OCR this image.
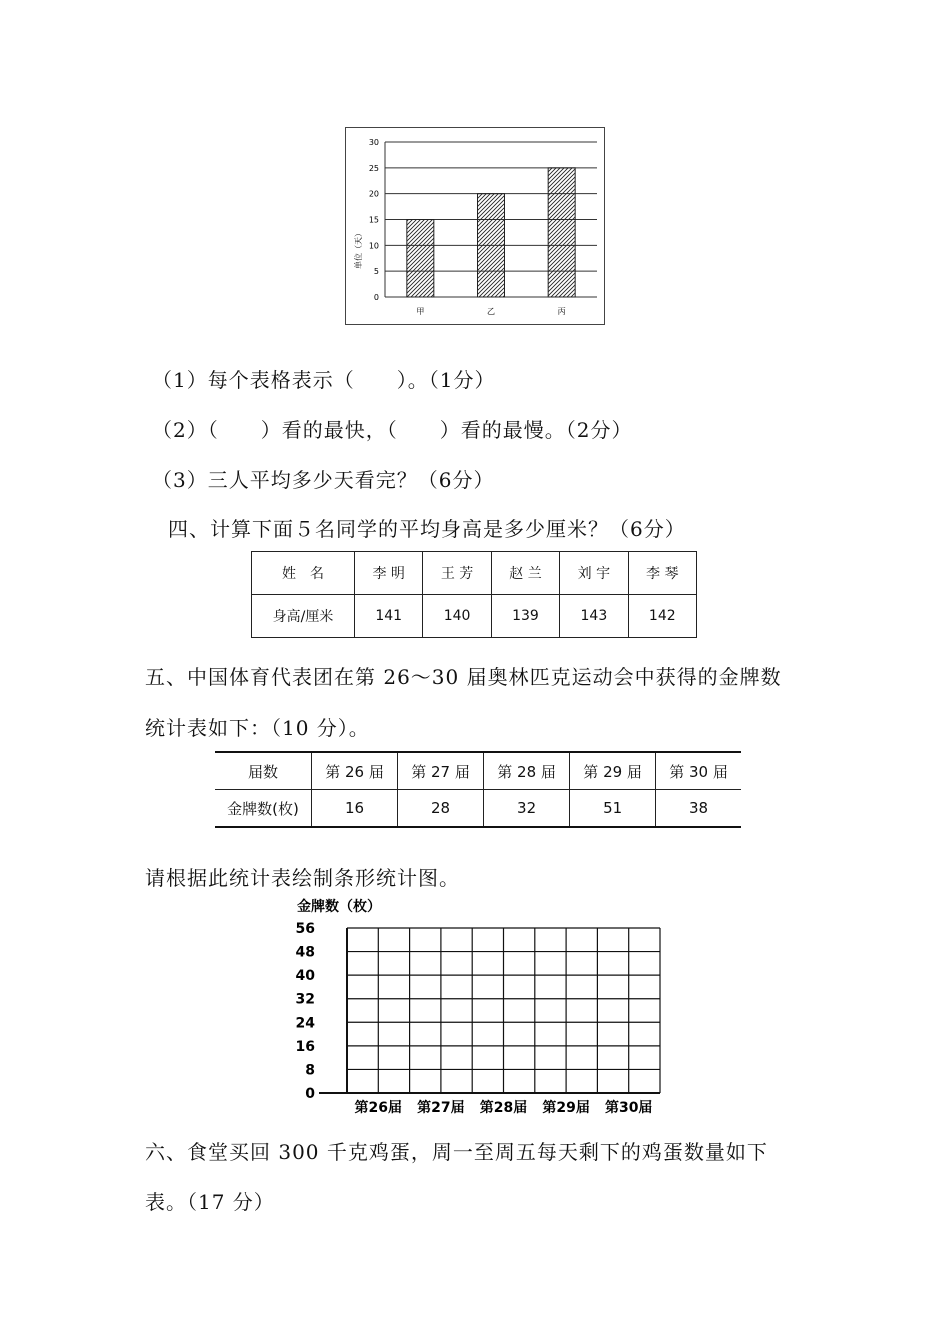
0
5
10
15
20
25
30
甲	乙	丙
单位（天）
（1）每个表格表示（　　）。（1分）
（2）（　　）看的最快，（　　）看的最慢。（2分）
（3）三人平均多少天看完？（6分）
四、计算下面５名同学的平均身高是多少厘米？（6分）
姓　名	李 明	王 芳	赵 兰	刘 宇	李 琴
身高/厘米	141	140	139	143	142
五、中国体育代表团在第 26～30 届奥林匹克运动会中获得的金牌数
统计表如下：（10 分）。
届数	第 26 届	第 27 届	第 28 届	第 29 届	第 30 届
金牌数(枚)	16	28	32	51	38
请根据此统计表绘制条形统计图。
金牌数（枚）
0
8
16
24
32
40
48
56
第26届 第27届 第28届 第29届 第30届
六、食堂买回 300 千克鸡蛋，周一至周五每天剩下的鸡蛋数量如下
表。（17 分）
